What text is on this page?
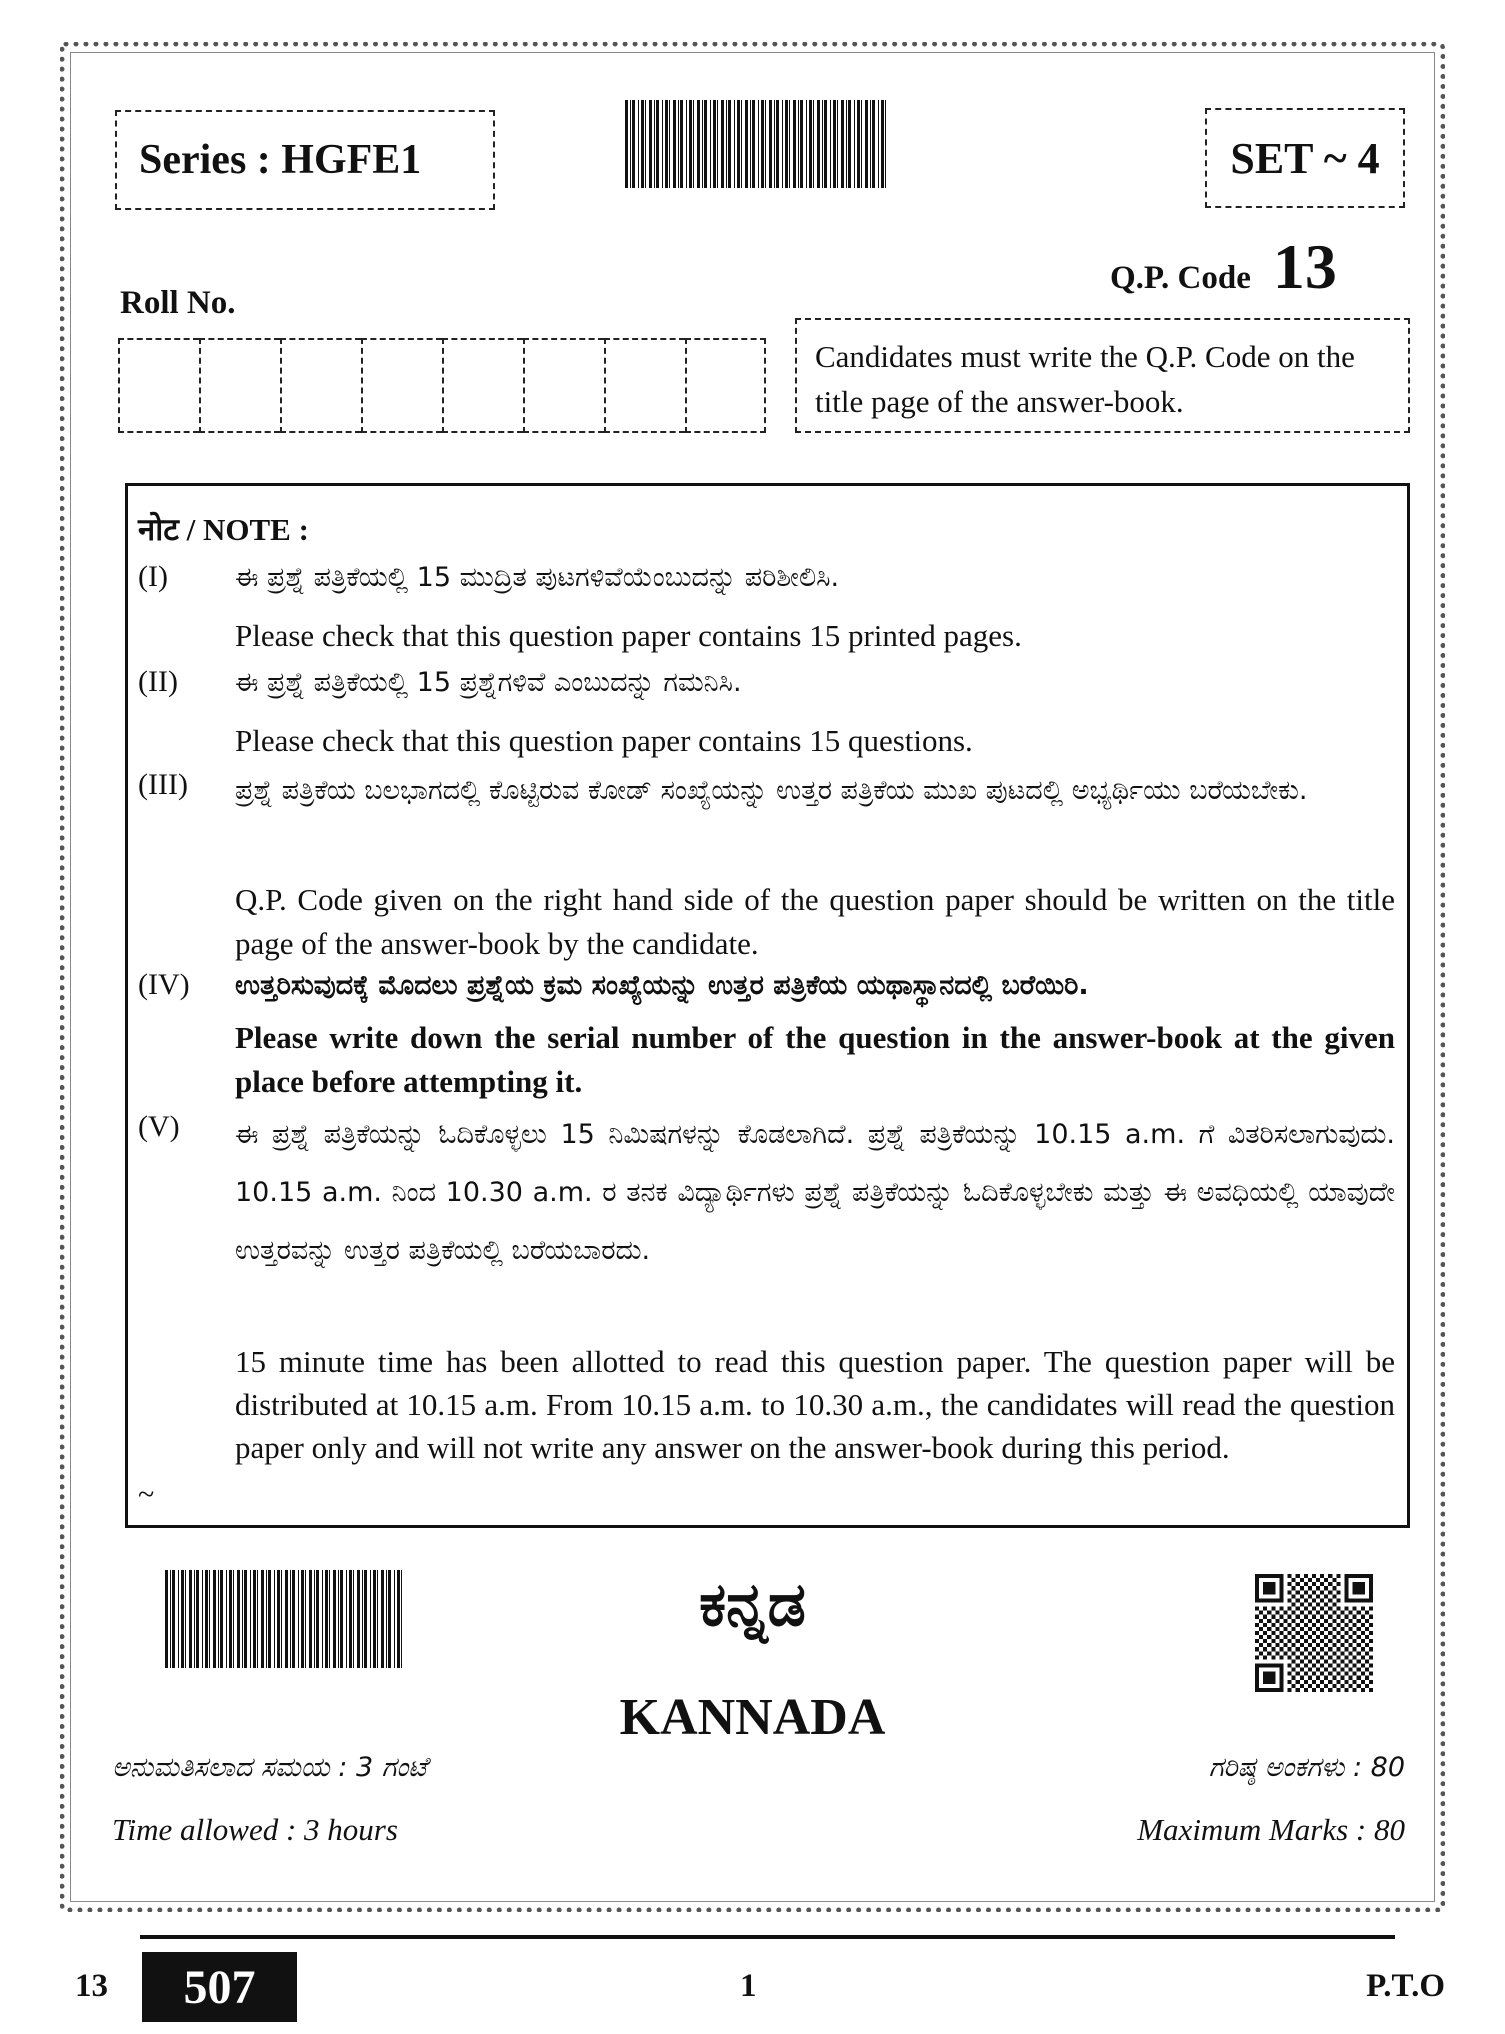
Series : HGFE1	SET ~ 4
Q.P. Code 13
Roll No.
Candidates must write the Q.P. Code on the title page of the answer-book.
नोट / NOTE :
(I) ಈ ಪ್ರಶ್ನೆ ಪತ್ರಿಕೆಯಲ್ಲಿ 15 ಮುದ್ರಿತ ಪುಟಗಳಿವೆಯೆಂಬುದನ್ನು ಪರಿಶೀಲಿಸಿ.
Please check that this question paper contains 15 printed pages.
(II) ಈ ಪ್ರಶ್ನೆ ಪತ್ರಿಕೆಯಲ್ಲಿ 15 ಪ್ರಶ್ನೆಗಳಿವೆ ಎಂಬುದನ್ನು ಗಮನಿಸಿ.
Please check that this question paper contains 15 questions.
(III) ಪ್ರಶ್ನೆ ಪತ್ರಿಕೆಯ ಬಲಭಾಗದಲ್ಲಿ ಕೊಟ್ಟಿರುವ ಕೋಡ್ ಸಂಖ್ಯೆಯನ್ನು ಉತ್ತರ ಪತ್ರಿಕೆಯ ಮುಖ ಪುಟದಲ್ಲಿ ಅಭ್ಯರ್ಥಿಯು ಬರೆಯಬೇಕು.
Q.P. Code given on the right hand side of the question paper should be written on the title page of the answer-book by the candidate.
(IV) ಉತ್ತರಿಸುವುದಕ್ಕೆ ಮೊದಲು ಪ್ರಶ್ನೆಯ ಕ್ರಮ ಸಂಖ್ಯೆಯನ್ನು ಉತ್ತರ ಪತ್ರಿಕೆಯ ಯಥಾಸ್ಥಾನದಲ್ಲಿ ಬರೆಯಿರಿ.
Please write down the serial number of the question in the answer-book at the given place before attempting it.
(V) ಈ ಪ್ರಶ್ನೆ ಪತ್ರಿಕೆಯನ್ನು ಓದಿಕೊಳ್ಳಲು 15 ನಿಮಿಷಗಳನ್ನು ಕೊಡಲಾಗಿದೆ. ಪ್ರಶ್ನೆ ಪತ್ರಿಕೆಯನ್ನು 10.15 a.m. ಗೆ ವಿತರಿಸಲಾಗುವುದು. 10.15 a.m. ನಿಂದ 10.30 a.m. ರ ತನಕ ವಿದ್ಯಾರ್ಥಿಗಳು ಪ್ರಶ್ನೆ ಪತ್ರಿಕೆಯನ್ನು ಓದಿಕೊಳ್ಳಬೇಕು ಮತ್ತು ಈ ಅವಧಿಯಲ್ಲಿ ಯಾವುದೇ ಉತ್ತರವನ್ನು ಉತ್ತರ ಪತ್ರಿಕೆಯಲ್ಲಿ ಬರೆಯಬಾರದು.
15 minute time has been allotted to read this question paper. The question paper will be distributed at 10.15 a.m. From 10.15 a.m. to 10.30 a.m., the candidates will read the question paper only and will not write any answer on the answer-book during this period.
~
ಕನ್ನಡ
KANNADA
ಅನುಮತಿಸಲಾದ ಸಮಯ : 3 ಗಂಟೆ	ಗರಿಷ್ಠ ಅಂಕಗಳು : 80
Time allowed : 3 hours	Maximum Marks : 80
13 507	1	P.T.O
